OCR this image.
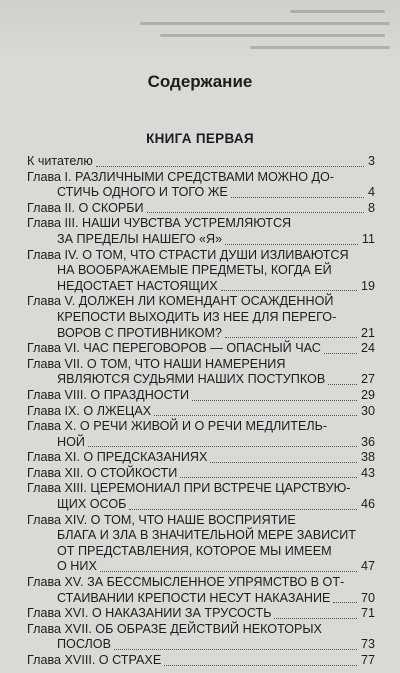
Содержание
КНИГА ПЕРВАЯ
К читателю	3
Глава I. РАЗЛИЧНЫМИ СРЕДСТВАМИ МОЖНО ДО-
СТИЧЬ ОДНОГО И ТОГО ЖЕ	4
Глава II. О СКОРБИ	8
Глава III. НАШИ ЧУВСТВА УСТРЕМЛЯЮТСЯ
ЗА ПРЕДЕЛЫ НАШЕГО «Я»	11
Глава IV. О ТОМ, ЧТО СТРАСТИ ДУШИ ИЗЛИВАЮТСЯ
НА ВООБРАЖАЕМЫЕ ПРЕДМЕТЫ, КОГДА ЕЙ
НЕДОСТАЕТ НАСТОЯЩИХ	19
Глава V. ДОЛЖЕН ЛИ КОМЕНДАНТ ОСАЖДЕННОЙ
КРЕПОСТИ ВЫХОДИТЬ ИЗ НЕЕ ДЛЯ ПЕРЕГО-
ВОРОВ С ПРОТИВНИКОМ?	21
Глава VI. ЧАС ПЕРЕГОВОРОВ — ОПАСНЫЙ ЧАС	24
Глава VII. О ТОМ, ЧТО НАШИ НАМЕРЕНИЯ
ЯВЛЯЮТСЯ СУДЬЯМИ НАШИХ ПОСТУПКОВ	27
Глава VIII. О ПРАЗДНОСТИ	29
Глава IX. О ЛЖЕЦАХ	30
Глава X. О РЕЧИ ЖИВОЙ И О РЕЧИ МЕДЛИТЕЛЬ-
НОЙ	36
Глава XI. О ПРЕДСКАЗАНИЯХ	38
Глава XII. О СТОЙКОСТИ	43
Глава XIII. ЦЕРЕМОНИАЛ ПРИ ВСТРЕЧЕ ЦАРСТВУЮ-
ЩИХ ОСОБ	46
Глава XIV. О ТОМ, ЧТО НАШЕ ВОСПРИЯТИЕ
БЛАГА И ЗЛА В ЗНАЧИТЕЛЬНОЙ МЕРЕ ЗАВИСИТ
ОТ ПРЕДСТАВЛЕНИЯ, КОТОРОЕ МЫ ИМЕЕМ
О НИХ	47
Глава XV. ЗА БЕССМЫСЛЕННОЕ УПРЯМСТВО В ОТ-
СТАИВАНИИ КРЕПОСТИ НЕСУТ НАКАЗАНИЕ	70
Глава XVI. О НАКАЗАНИИ ЗА ТРУСОСТЬ	71
Глава XVII. ОБ ОБРАЗЕ ДЕЙСТВИЙ НЕКОТОРЫХ
ПОСЛОВ	73
Глава XVIII. О СТРАХЕ	77
